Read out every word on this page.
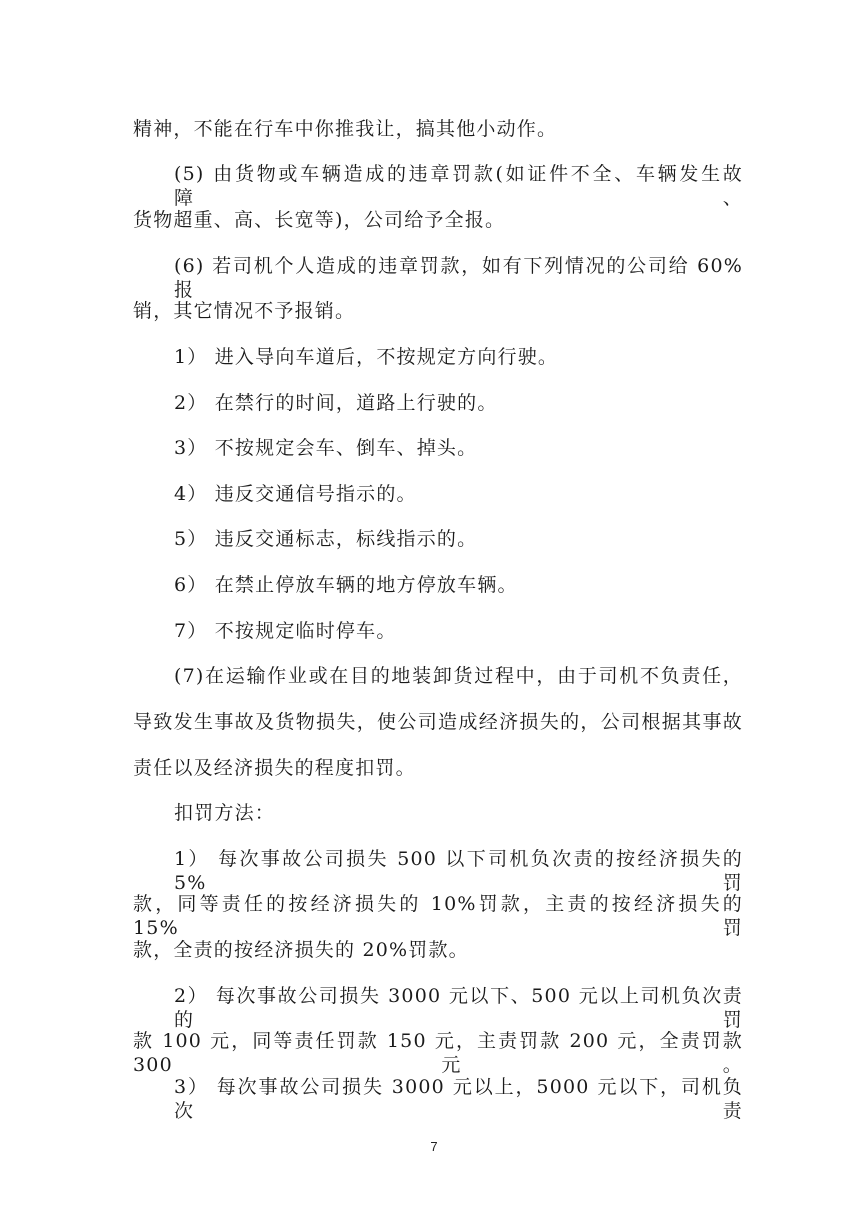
精神，不能在行车中你推我让，搞其他小动作。
(5) 由货物或车辆造成的违章罚款(如证件不全、车辆发生故障、
货物超重、高、长宽等)，公司给予全报。
(6) 若司机个人造成的违章罚款，如有下列情况的公司给 60%报
销，其它情况不予报销。
1） 进入导向车道后，不按规定方向行驶。
2） 在禁行的时间，道路上行驶的。
3） 不按规定会车、倒车、掉头。
4） 违反交通信号指示的。
5） 违反交通标志，标线指示的。
6） 在禁止停放车辆的地方停放车辆。
7） 不按规定临时停车。
(7)在运输作业或在目的地装卸货过程中，由于司机不负责任，
导致发生事故及货物损失，使公司造成经济损失的，公司根据其事故
责任以及经济损失的程度扣罚。
扣罚方法：
1） 每次事故公司损失 500 以下司机负次责的按经济损失的 5%罚
款，同等责任的按经济损失的 10%罚款，主责的按经济损失的 15%罚
款，全责的按经济损失的 20%罚款。
2） 每次事故公司损失 3000 元以下、500 元以上司机负次责的罚
款 100 元，同等责任罚款 150 元，主责罚款 200 元，全责罚款 300 元。
3） 每次事故公司损失 3000 元以上，5000 元以下，司机负次责
7
